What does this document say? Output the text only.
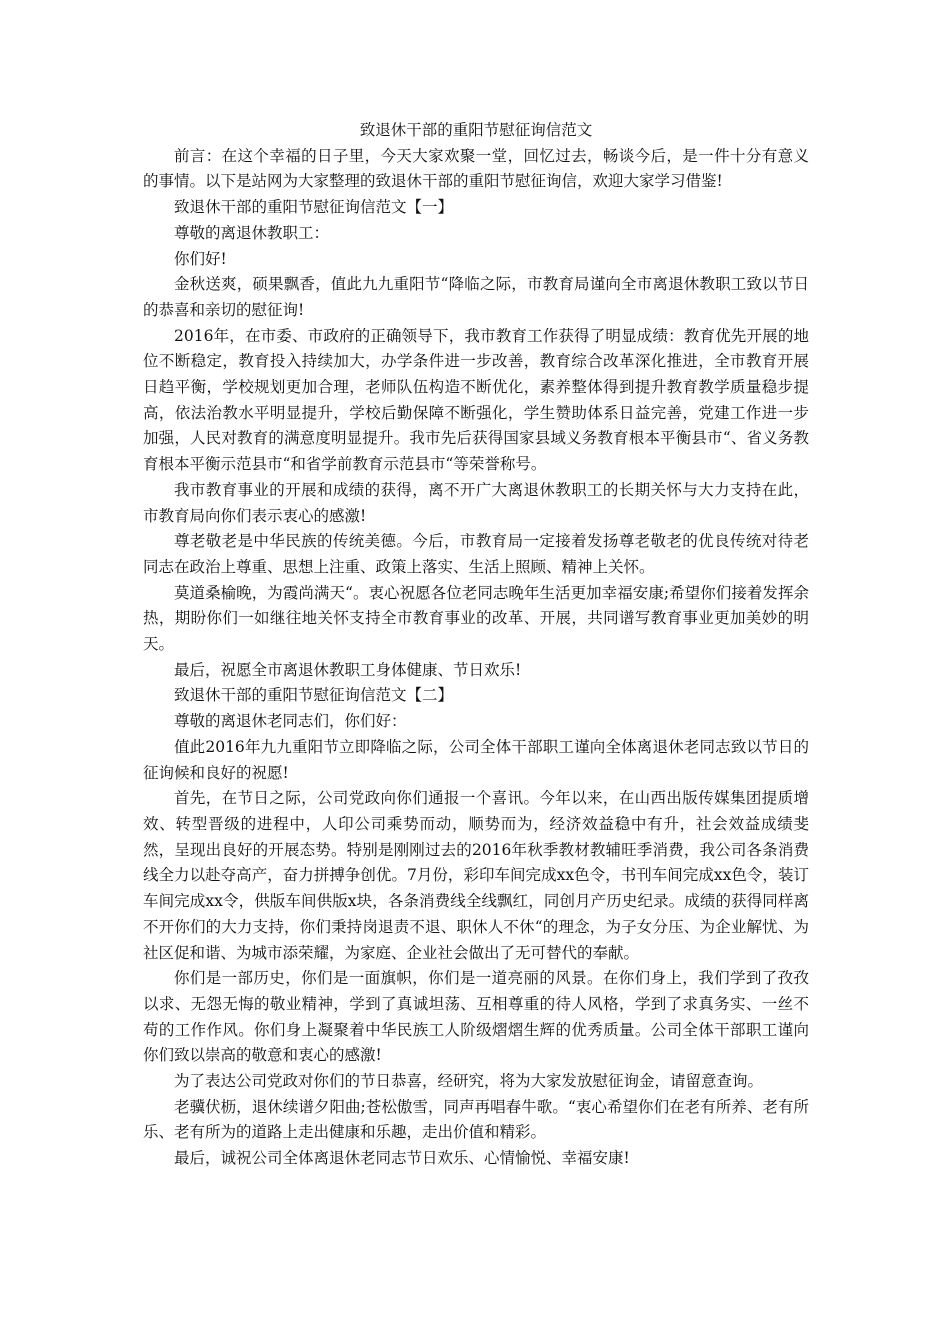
致退休干部的重阳节慰征询信范文

前言：在这个幸福的日子里，今天大家欢聚一堂，回忆过去，畅谈今后，是一件十分有意义的事情。以下是站网为大家整理的致退休干部的重阳节慰征询信，欢迎大家学习借鉴!

致退休干部的重阳节慰征询信范文【一】

尊敬的离退休教职工：

你们好!

金秋送爽，硕果飘香，值此九九重阳节“降临之际，市教育局谨向全市离退休教职工致以节日的恭喜和亲切的慰征询!

2016年，在市委、市政府的正确领导下，我市教育工作获得了明显成绩：教育优先开展的地位不断稳定，教育投入持续加大，办学条件进一步改善，教育综合改革深化推进，全市教育开展日趋平衡，学校规划更加合理，老师队伍构造不断优化，素养整体得到提升教育教学质量稳步提高，依法治教水平明显提升，学校后勤保障不断强化，学生赞助体系日益完善，党建工作进一步加强，人民对教育的满意度明显提升。我市先后获得国家县域义务教育根本平衡县市“、省义务教育根本平衡示范县市“和省学前教育示范县市“等荣誉称号。

我市教育事业的开展和成绩的获得，离不开广大离退休教职工的长期关怀与大力支持在此，市教育局向你们表示衷心的感激!

尊老敬老是中华民族的传统美德。今后，市教育局一定接着发扬尊老敬老的优良传统对待老同志在政治上尊重、思想上注重、政策上落实、生活上照顾、精神上关怀。

莫道桑榆晚，为霞尚满天“。衷心祝愿各位老同志晚年生活更加幸福安康;希望你们接着发挥余热，期盼你们一如继往地关怀支持全市教育事业的改革、开展，共同谱写教育事业更加美妙的明天。

最后，祝愿全市离退休教职工身体健康、节日欢乐!

致退休干部的重阳节慰征询信范文【二】

尊敬的离退休老同志们，你们好：

值此2016年九九重阳节立即降临之际，公司全体干部职工谨向全体离退休老同志致以节日的征询候和良好的祝愿!

首先，在节日之际，公司党政向你们通报一个喜讯。今年以来，在山西出版传媒集团提质增效、转型晋级的进程中，人印公司乘势而动，顺势而为，经济效益稳中有升，社会效益成绩斐然，呈现出良好的开展态势。特别是刚刚过去的2016年秋季教材教辅旺季消费，我公司各条消费线全力以赴夺高产，奋力拼搏争创优。7月份，彩印车间完成xx色令，书刊车间完成xx色令，装订车间完成xx令，供版车间供版x块，各条消费线全线飘红，同创月产历史纪录。成绩的获得同样离不开你们的大力支持，你们秉持岗退责不退、职休人不休“的理念，为子女分压、为企业解忧、为社区促和谐、为城市添荣耀，为家庭、企业社会做出了无可替代的奉献。

你们是一部历史，你们是一面旗帜，你们是一道亮丽的风景。在你们身上，我们学到了孜孜以求、无怨无悔的敬业精神，学到了真诚坦荡、互相尊重的待人风格，学到了求真务实、一丝不苟的工作作风。你们身上凝聚着中华民族工人阶级熠熠生辉的优秀质量。公司全体干部职工谨向你们致以崇高的敬意和衷心的感激!

为了表达公司党政对你们的节日恭喜，经研究，将为大家发放慰征询金，请留意查询。

老骥伏枥，退休续谱夕阳曲;苍松傲雪，同声再唱春牛歌。“衷心希望你们在老有所养、老有所乐、老有所为的道路上走出健康和乐趣，走出价值和精彩。

最后，诚祝公司全体离退休老同志节日欢乐、心情愉悦、幸福安康!
